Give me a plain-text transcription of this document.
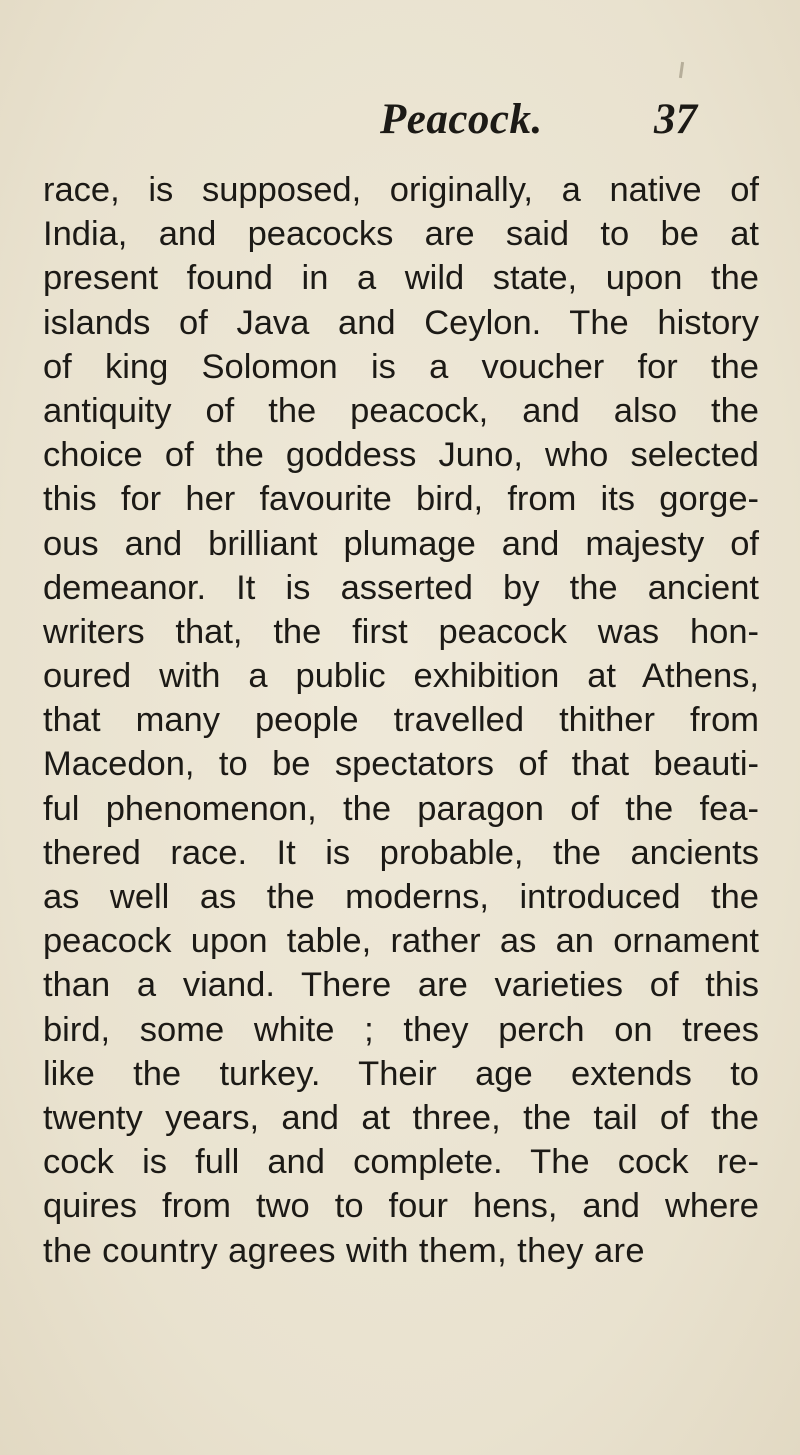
Peacock.	37
race, is supposed, originally, a native of
India, and peacocks are said to be at
present found in a wild state, upon the
islands of Java and Ceylon. The history
of king Solomon is a voucher for the
antiquity of the peacock, and also the
choice of the goddess Juno, who selected
this for her favourite bird, from its gorge-
ous and brilliant plumage and majesty of
demeanor. It is asserted by the ancient
writers that, the first peacock was hon-
oured with a public exhibition at Athens,
that many people travelled thither from
Macedon, to be spectators of that beauti-
ful phenomenon, the paragon of the fea-
thered race. It is probable, the ancients
as well as the moderns, introduced the
peacock upon table, rather as an ornament
than a viand. There are varieties of this
bird, some white ; they perch on trees
like the turkey. Their age extends to
twenty years, and at three, the tail of the
cock is full and complete. The cock re-
quires from two to four hens, and where
the country agrees with them, they are
